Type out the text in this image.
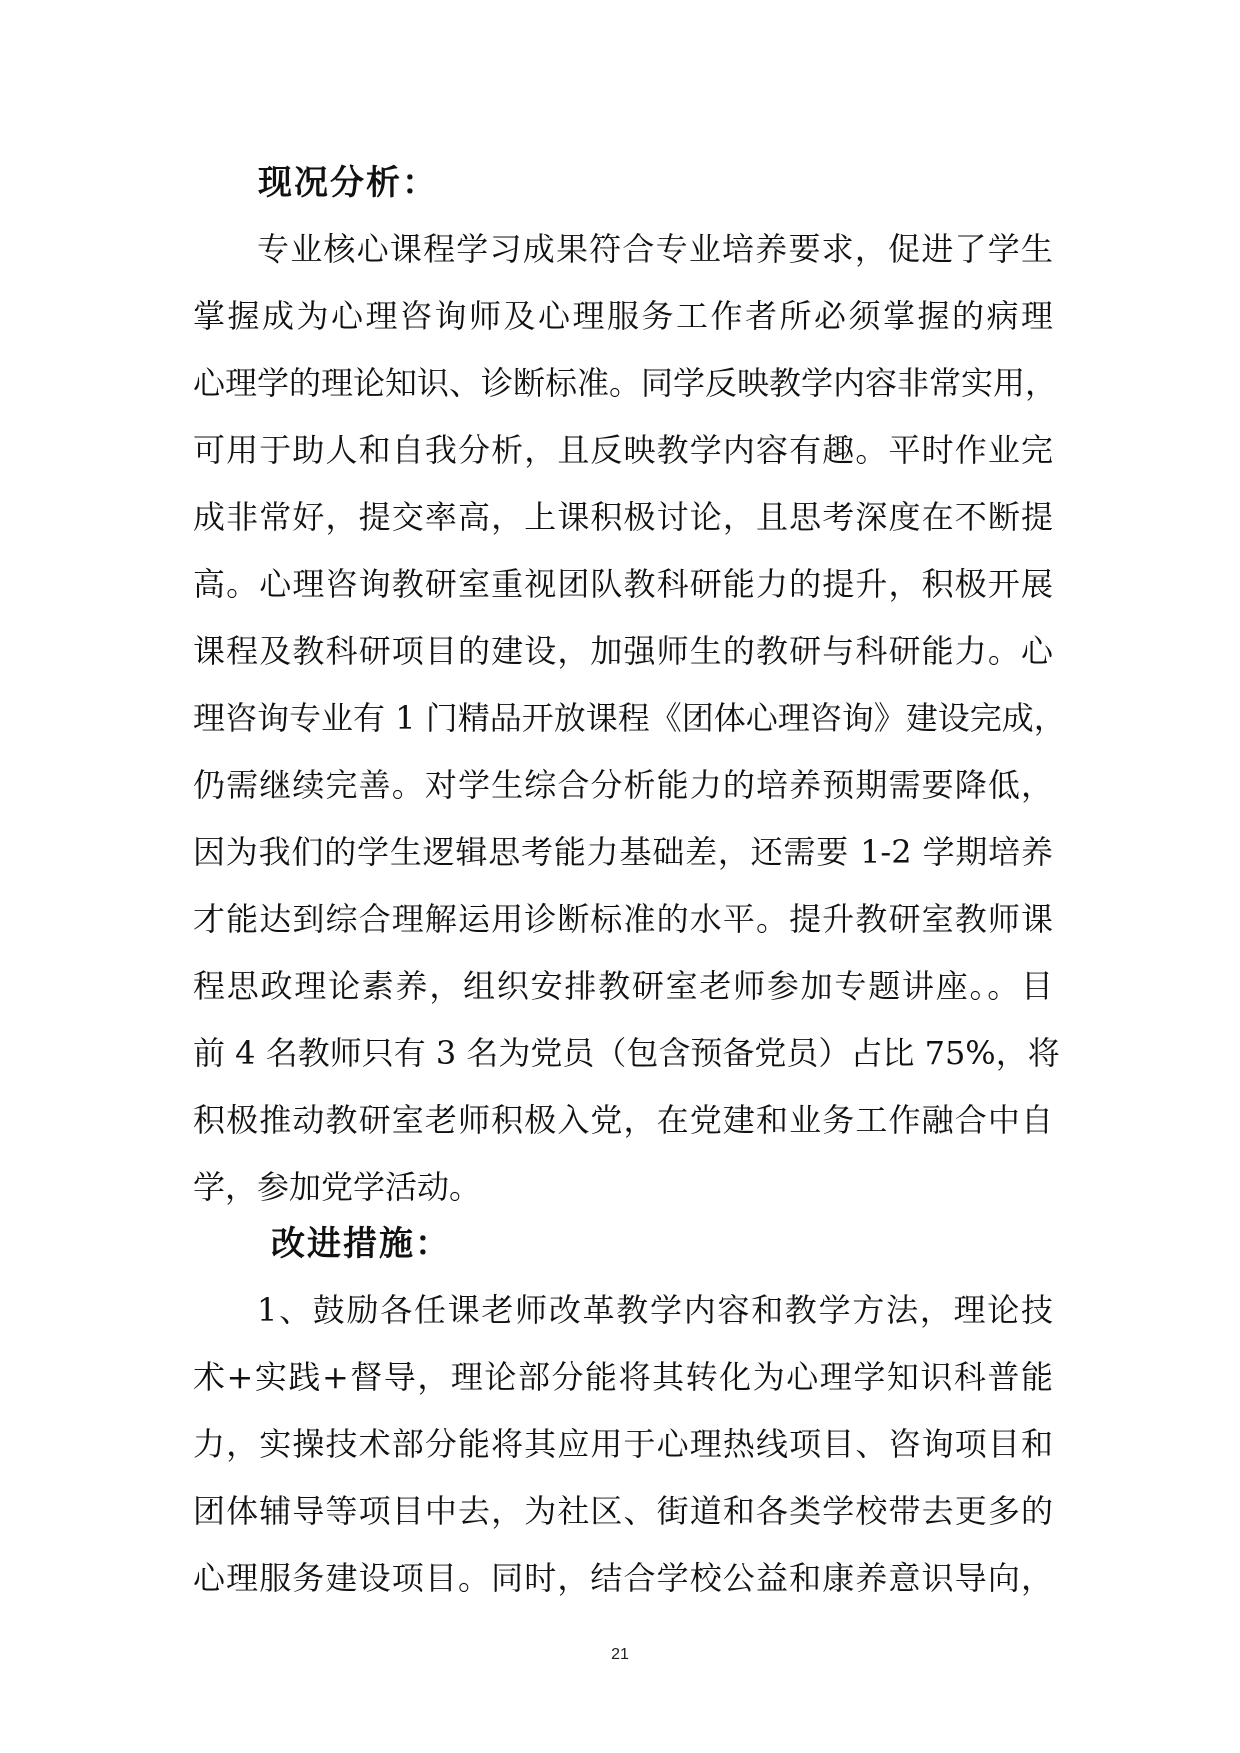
现况分析：
专业核心课程学习成果符合专业培养要求，促进了学生
掌握成为心理咨询师及心理服务工作者所必须掌握的病理
心理学的理论知识、诊断标准。同学反映教学内容非常实用，
可用于助人和自我分析，且反映教学内容有趣。平时作业完
成非常好，提交率高，上课积极讨论，且思考深度在不断提
高。心理咨询教研室重视团队教科研能力的提升，积极开展
课程及教科研项目的建设，加强师生的教研与科研能力。心
理咨询专业有 1 门精品开放课程《团体心理咨询》建设完成，
仍需继续完善。对学生综合分析能力的培养预期需要降低，
因为我们的学生逻辑思考能力基础差，还需要 1-2 学期培养
才能达到综合理解运用诊断标准的水平。提升教研室教师课
程思政理论素养，组织安排教研室老师参加专题讲座。。目
前 4 名教师只有 3 名为党员（包含预备党员）占比 75%，将
积极推动教研室老师积极入党，在党建和业务工作融合中自
学，参加党学活动。
改进措施：
1、鼓励各任课老师改革教学内容和教学方法，理论技
术+实践+督导，理论部分能将其转化为心理学知识科普能
力，实操技术部分能将其应用于心理热线项目、咨询项目和
团体辅导等项目中去，为社区、街道和各类学校带去更多的
心理服务建设项目。同时，结合学校公益和康养意识导向，
21
